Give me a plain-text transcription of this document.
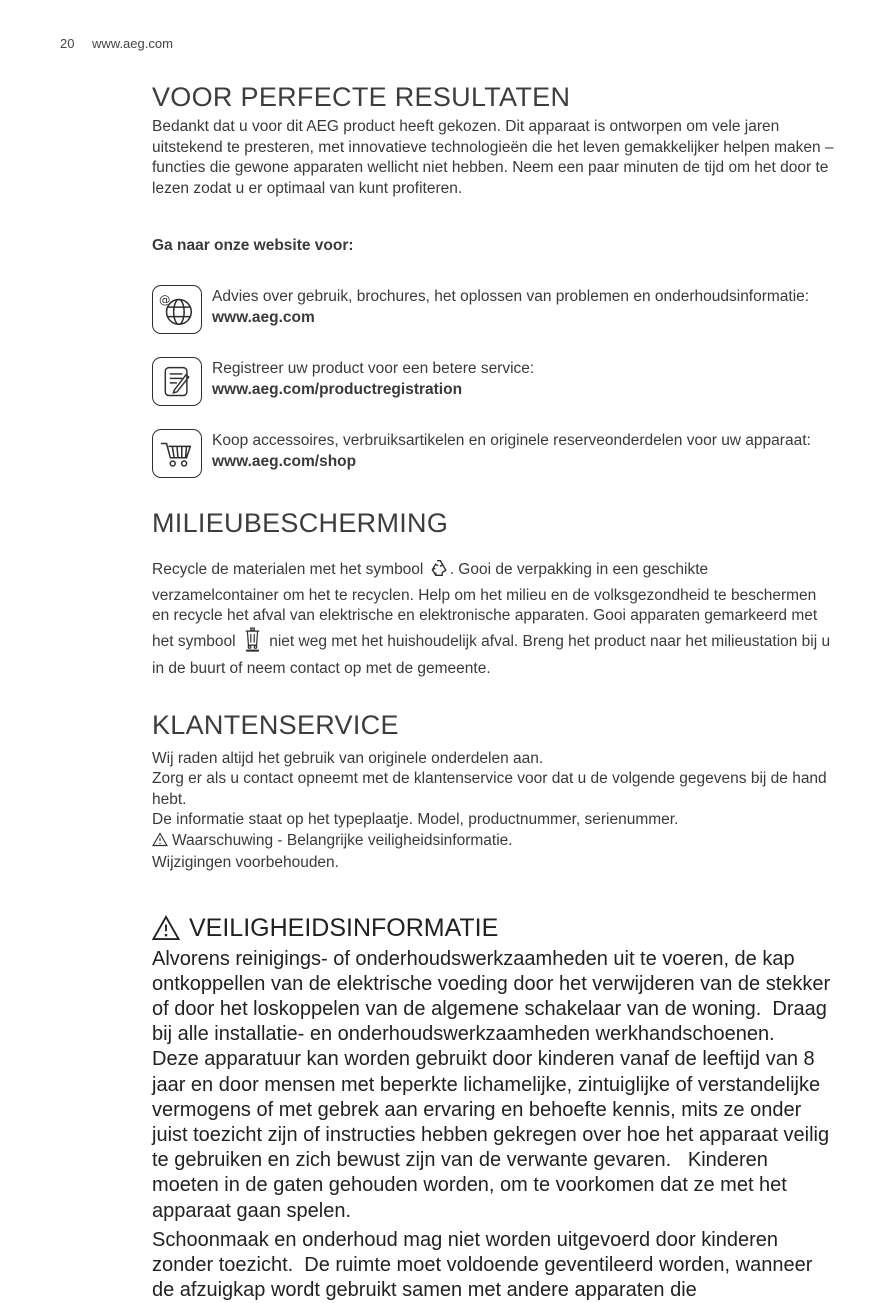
20 www.aeg.com
VOOR PERFECTE RESULTATEN

Bedankt dat u voor dit AEG product heeft gekozen. Dit apparaat is ontworpen om vele jaren uitstekend te presteren, met innovatieve technologieën die het leven gemakkelijker helpen maken – functies die gewone apparaten wellicht niet hebben. Neem een paar minuten de tijd om het door te lezen zodat u er optimaal van kunt profiteren.

Ga naar onze website voor:

@	Advies over gebruik, brochures, het oplossen van problemen en onderhoudsinformatie:
www.aeg.com
Registreer uw product voor een betere service:
www.aeg.com/productregistration
Koop accessoires, verbruiksartikelen en originele reserveonderdelen voor uw apparaat:
www.aeg.com/shop
MILIEUBESCHERMING

Recycle de materialen met het symbool . Gooi de verpakking in een geschikte verzamelcontainer om het te recyclen. Help om het milieu en de volksgezondheid te beschermen en recycle het afval van elektrische en elektronische apparaten. Gooi apparaten gemarkeerd met het symbool niet weg met het huishoudelijk afval. Breng het product naar het milieustation bij u in de buurt of neem contact op met de gemeente.

KLANTENSERVICE
Wij raden altijd het gebruik van originele onderdelen aan.
Zorg er als u contact opneemt met de klantenservice voor dat u de volgende gegevens bij de hand hebt.
De informatie staat op het typeplaatje. Model, productnummer, serienummer.
Waarschuwing - Belangrijke veiligheidsinformatie.
Wijzigingen voorbehouden.
VEILIGHEIDSINFORMATIE

Alvorens reinigings- of onderhoudswerkzaamheden uit te voeren, de kap ontkoppellen van de elektrische voeding door het verwijderen van de stekker of door het loskoppelen van de algemene schakelaar van de woning.  Draag bij alle installatie- en onderhoudswerkzaamheden werkhandschoenen.   Deze apparatuur kan worden gebruikt door kinderen vanaf de leeftijd van 8 jaar en door mensen met beperkte lichamelijke, zintuiglijke of verstandelijke vermogens of met gebrek aan ervaring en behoefte kennis, mits ze onder juist toezicht zijn of instructies hebben gekregen over hoe het apparaat veilig te gebruiken en zich bewust zijn van de verwante gevaren.   Kinderen moeten in de gaten gehouden worden, om te voorkomen dat ze met het apparaat gaan spelen.

Schoonmaak en onderhoud mag niet worden uitgevoerd door kinderen zonder toezicht.  De ruimte moet voldoende geventileerd worden, wanneer de afzuigkap wordt gebruikt samen met andere apparaten die
